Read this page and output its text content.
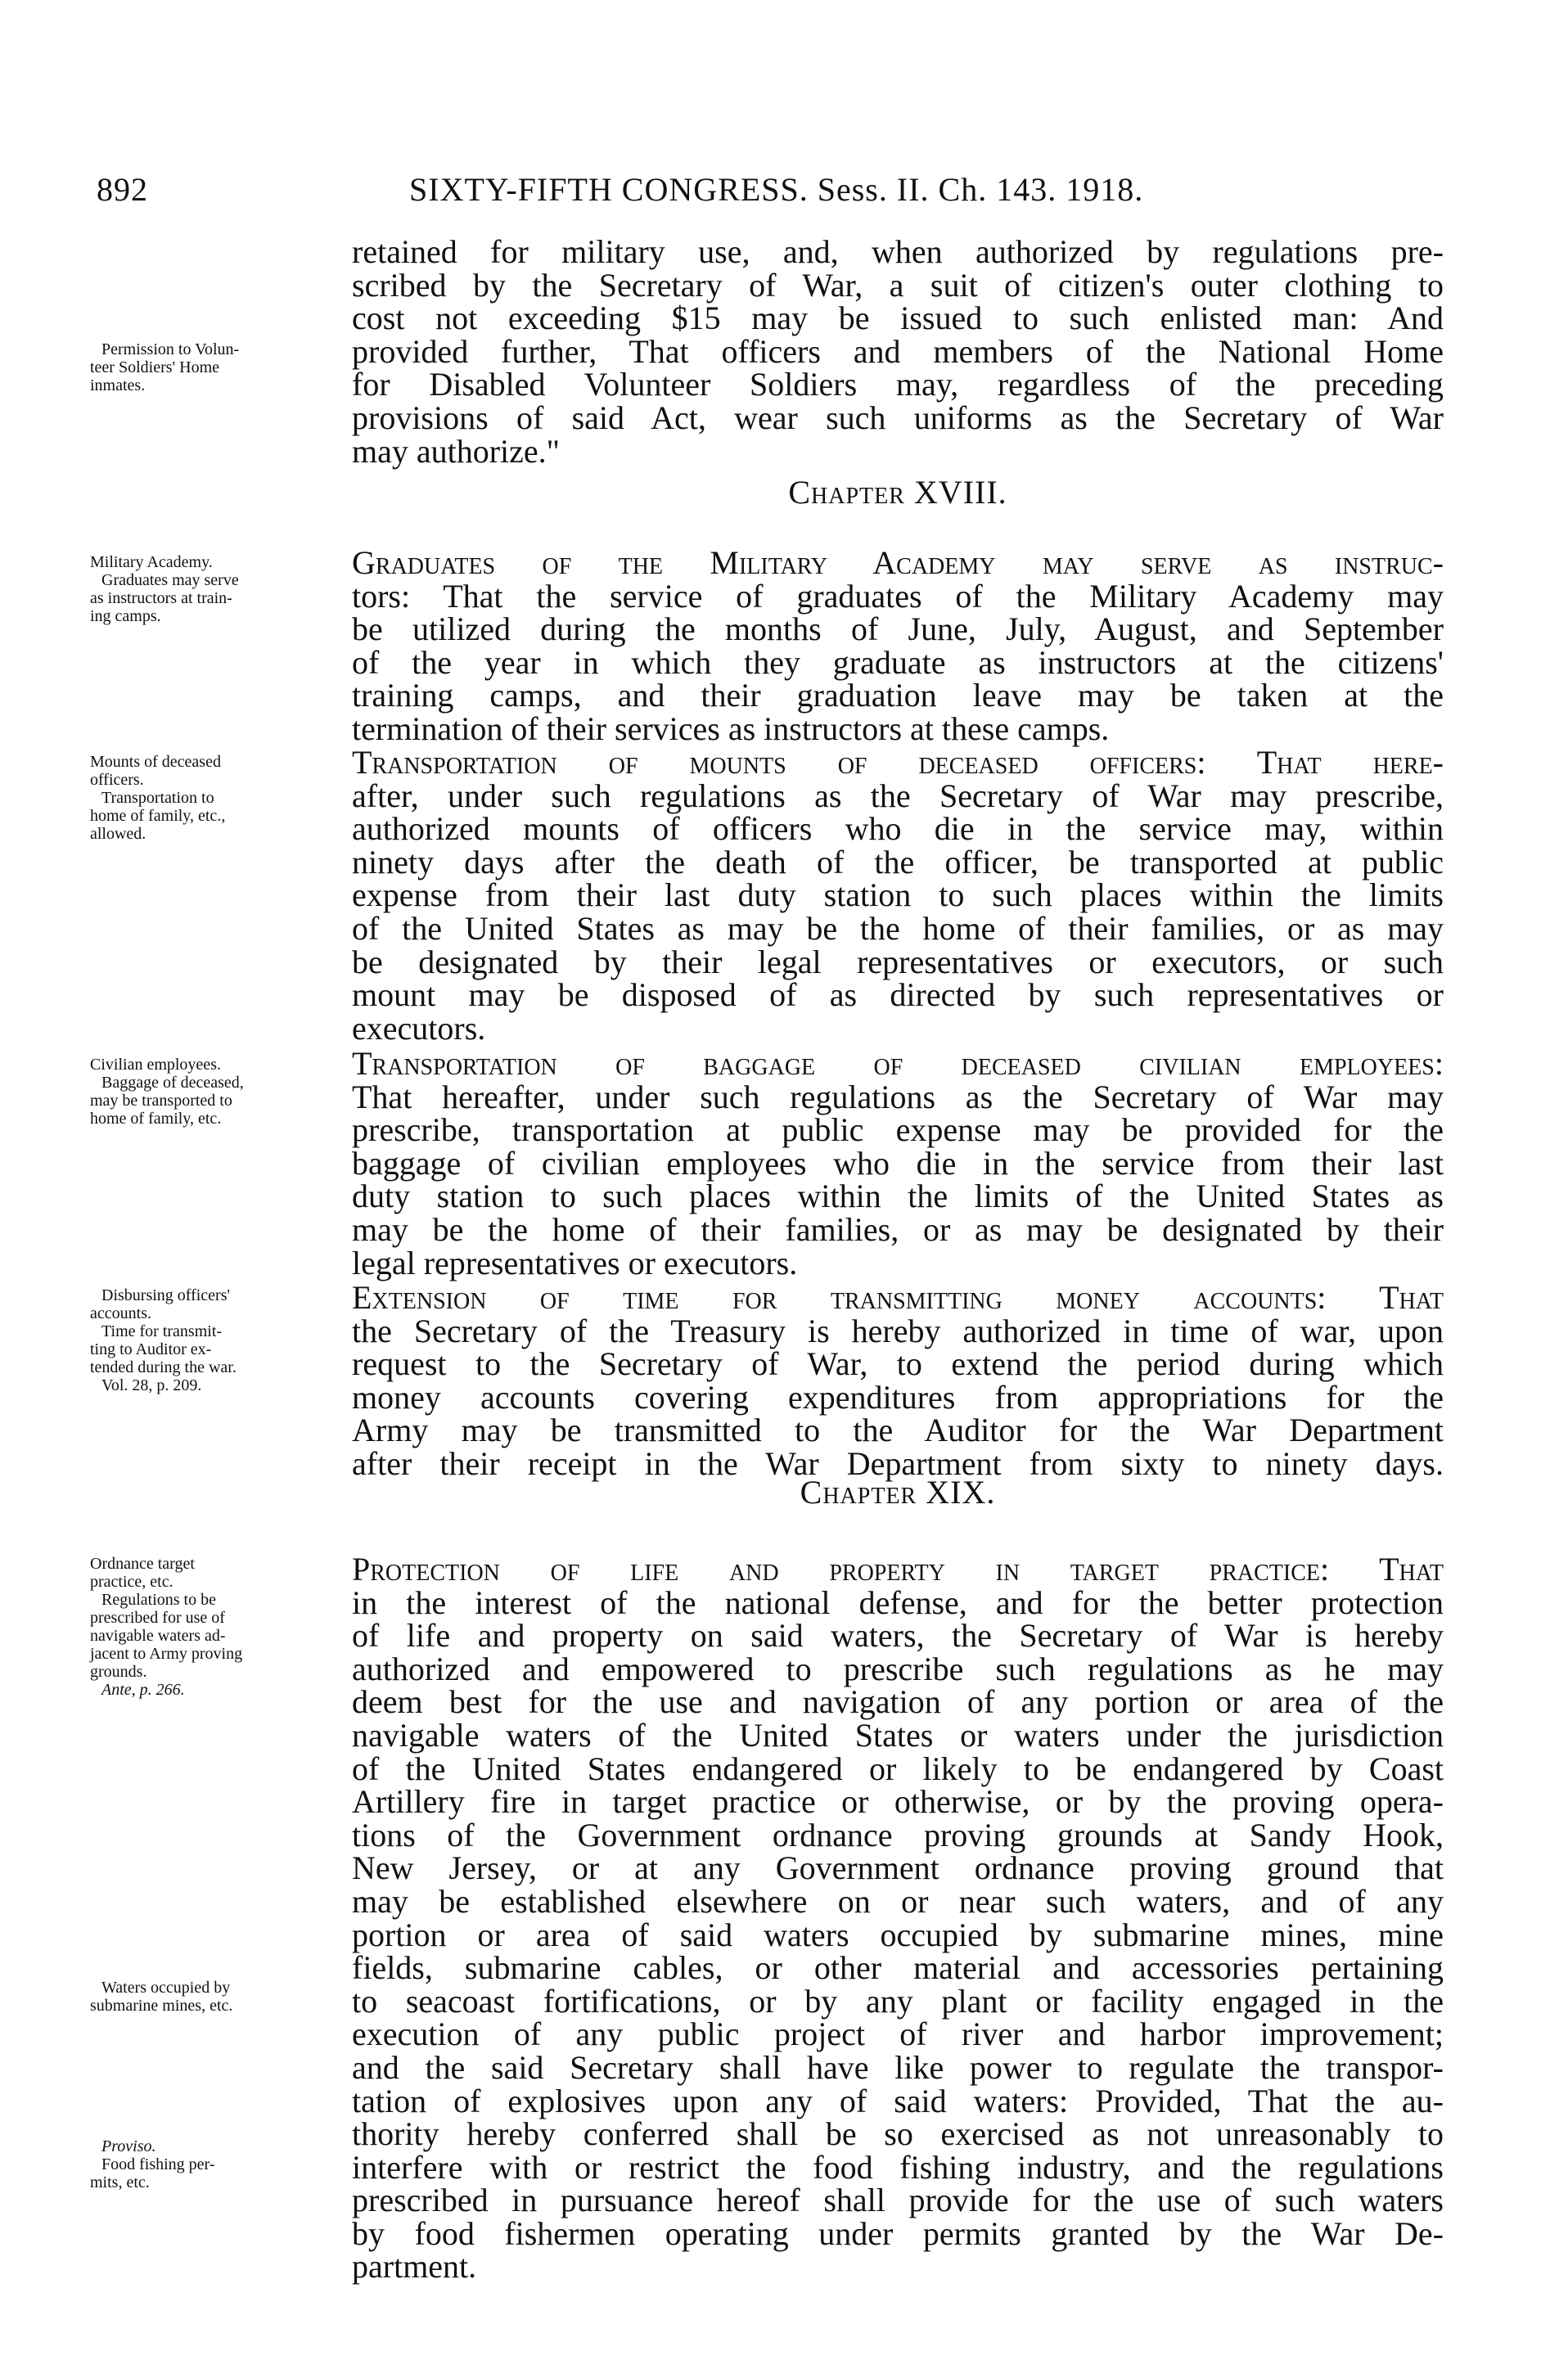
892	SIXTY-FIFTH CONGRESS. Sess. II. Ch. 143. 1918.
Permission to Volun-
teer Soldiers' Home
inmates.
Military Academy.
Graduates may serve
as instructors at train-
ing camps.
Mounts of deceased
officers.
Transportation to
home of family, etc.,
allowed.
Civilian employees.
Baggage of deceased,
may be transported to
home of family, etc.
Disbursing officers'
accounts.
Time for transmit-
ting to Auditor ex-
tended during the war.
Vol. 28, p. 209.
Ordnance target
practice, etc.
Regulations to be
prescribed for use of
navigable waters ad-
jacent to Army proving
grounds.
Ante, p. 266.
Waters occupied by
submarine mines, etc.
Proviso.
Food fishing per-
mits, etc.
retained for military use, and, when authorized by regulations pre-
scribed by the Secretary of War, a suit of citizen's outer clothing to
cost not exceeding $15 may be issued to such enlisted man: And
provided further, That officers and members of the National Home
for Disabled Volunteer Soldiers may, regardless of the preceding
provisions of said Act, wear such uniforms as the Secretary of War
may authorize."
Chapter XVIII.
Graduates of the Military Academy may serve as instruc-
tors: That the service of graduates of the Military Academy may
be utilized during the months of June, July, August, and September
of the year in which they graduate as instructors at the citizens'
training camps, and their graduation leave may be taken at the
termination of their services as instructors at these camps.
Transportation of mounts of deceased officers: That here-
after, under such regulations as the Secretary of War may prescribe,
authorized mounts of officers who die in the service may, within
ninety days after the death of the officer, be transported at public
expense from their last duty station to such places within the limits
of the United States as may be the home of their families, or as may
be designated by their legal representatives or executors, or such
mount may be disposed of as directed by such representatives or
executors.
Transportation of baggage of deceased civilian employees:
That hereafter, under such regulations as the Secretary of War may
prescribe, transportation at public expense may be provided for the
baggage of civilian employees who die in the service from their last
duty station to such places within the limits of the United States as
may be the home of their families, or as may be designated by their
legal representatives or executors.
Extension of time for transmitting money accounts: That
the Secretary of the Treasury is hereby authorized in time of war, upon
request to the Secretary of War, to extend the period during which
money accounts covering expenditures from appropriations for the
Army may be transmitted to the Auditor for the War Department
after their receipt in the War Department from sixty to ninety days.
Chapter XIX.
Protection of life and property in target practice: That
in the interest of the national defense, and for the better protection
of life and property on said waters, the Secretary of War is hereby
authorized and empowered to prescribe such regulations as he may
deem best for the use and navigation of any portion or area of the
navigable waters of the United States or waters under the jurisdiction
of the United States endangered or likely to be endangered by Coast
Artillery fire in target practice or otherwise, or by the proving opera-
tions of the Government ordnance proving grounds at Sandy Hook,
New Jersey, or at any Government ordnance proving ground that
may be established elsewhere on or near such waters, and of any
portion or area of said waters occupied by submarine mines, mine
fields, submarine cables, or other material and accessories pertaining
to seacoast fortifications, or by any plant or facility engaged in the
execution of any public project of river and harbor improvement;
and the said Secretary shall have like power to regulate the transpor-
tation of explosives upon any of said waters: Provided, That the au-
thority hereby conferred shall be so exercised as not unreasonably to
interfere with or restrict the food fishing industry, and the regulations
prescribed in pursuance hereof shall provide for the use of such waters
by food fishermen operating under permits granted by the War De-
partment.
